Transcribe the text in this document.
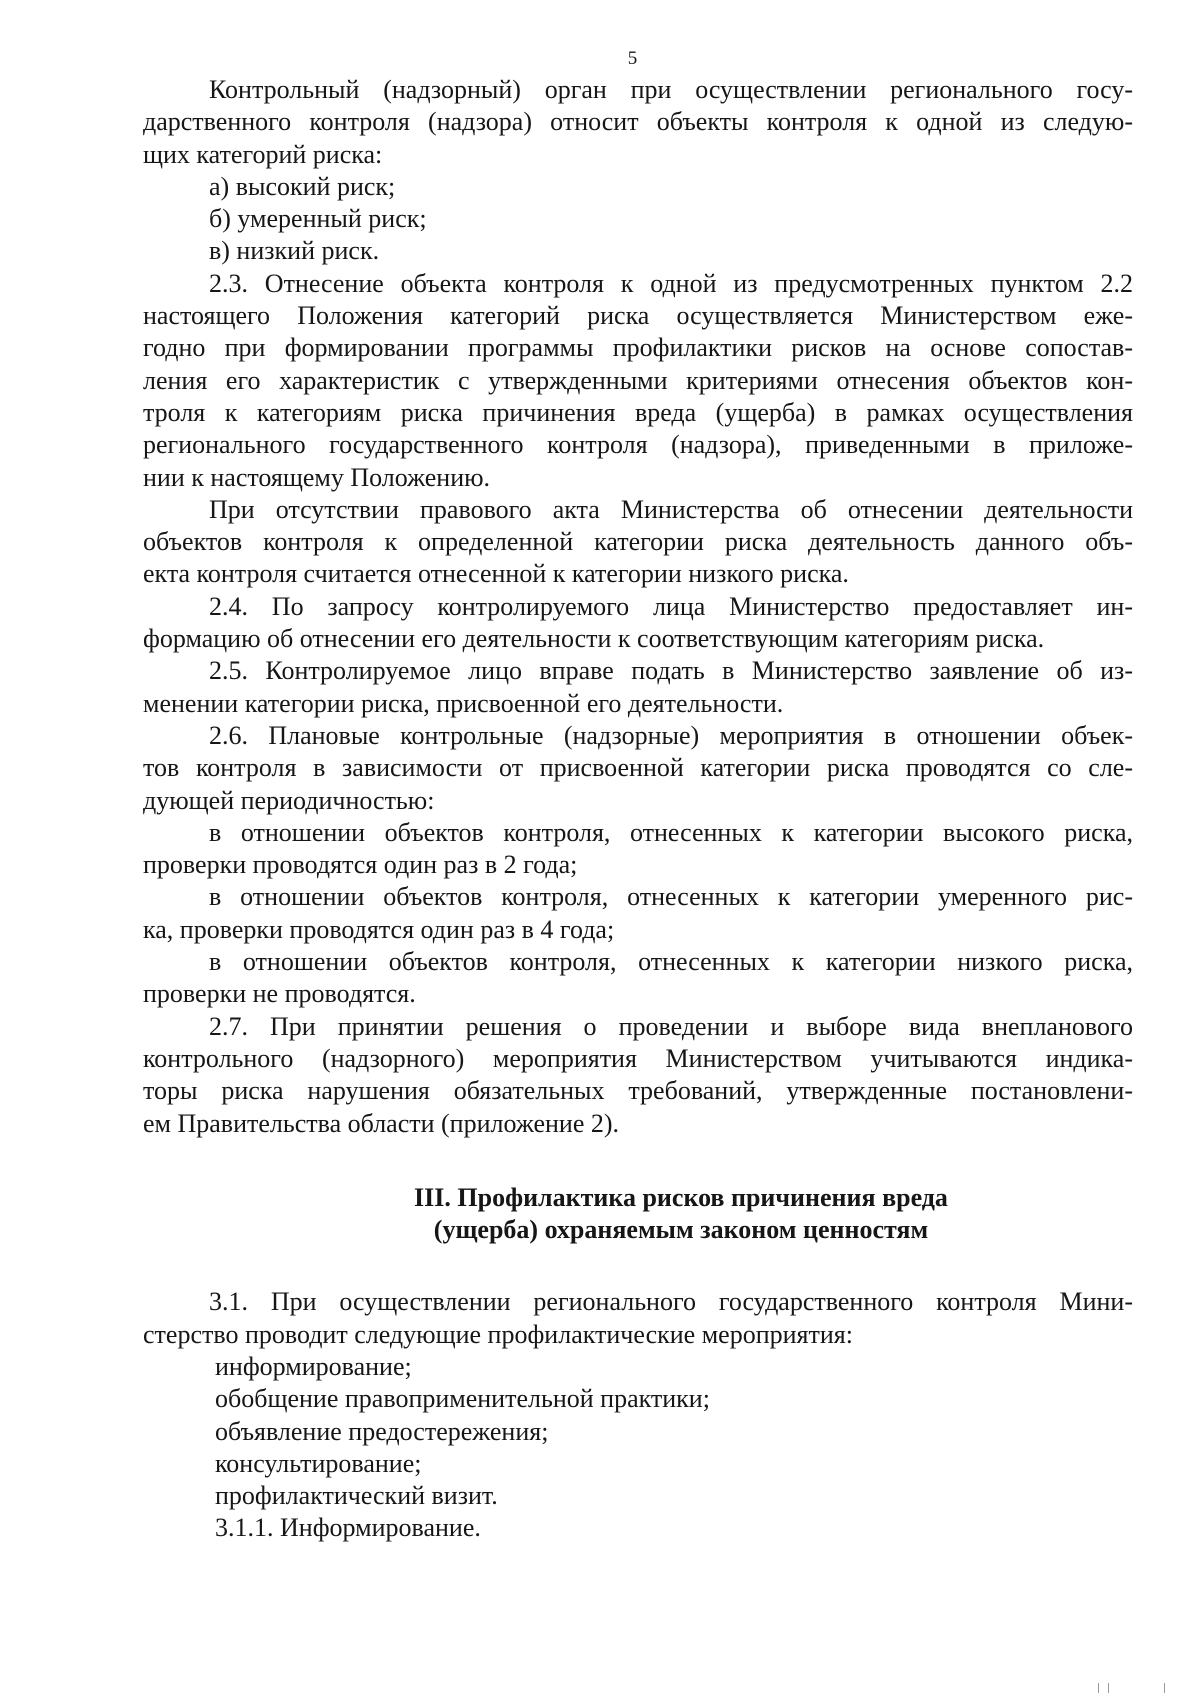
5
Контрольный (надзорный) орган при осуществлении регионального госу-
дарственного контроля (надзора) относит объекты контроля к одной из следую-
щих категорий риска:
а) высокий риск;
б) умеренный риск;
в) низкий риск.
2.3. Отнесение объекта контроля к одной из предусмотренных пунктом 2.2
настоящего Положения категорий риска осуществляется Министерством еже-
годно при формировании программы профилактики рисков на основе сопостав-
ления его характеристик с утвержденными критериями отнесения объектов кон-
троля к категориям риска причинения вреда (ущерба) в рамках осуществления
регионального государственного контроля (надзора), приведенными в приложе-
нии к настоящему Положению.
При отсутствии правового акта Министерства об отнесении деятельности
объектов контроля к определенной категории риска деятельность данного объ-
екта контроля считается отнесенной к категории низкого риска.
2.4. По запросу контролируемого лица Министерство предоставляет ин-
формацию об отнесении его деятельности к соответствующим категориям риска.
2.5. Контролируемое лицо вправе подать в Министерство заявление об из-
менении категории риска, присвоенной его деятельности.
2.6. Плановые контрольные (надзорные) мероприятия в отношении объек-
тов контроля в зависимости от присвоенной категории риска проводятся со сле-
дующей периодичностью:
в отношении объектов контроля, отнесенных к категории высокого риска,
проверки проводятся один раз в 2 года;
в отношении объектов контроля, отнесенных к категории умеренного рис-
ка, проверки проводятся один раз в 4 года;
в отношении объектов контроля, отнесенных к категории низкого риска,
проверки не проводятся.
2.7. При принятии решения о проведении и выборе вида внепланового
контрольного (надзорного) мероприятия Министерством учитываются индика-
торы риска нарушения обязательных требований, утвержденные постановлени-
ем Правительства области (приложение 2).
III. Профилактика рисков причинения вреда
(ущерба) охраняемым законом ценностям
3.1. При осуществлении регионального государственного контроля Мини-
стерство проводит следующие профилактические мероприятия:
информирование;
обобщение правоприменительной практики;
объявление предостережения;
консультирование;
профилактический визит.
3.1.1. Информирование.
